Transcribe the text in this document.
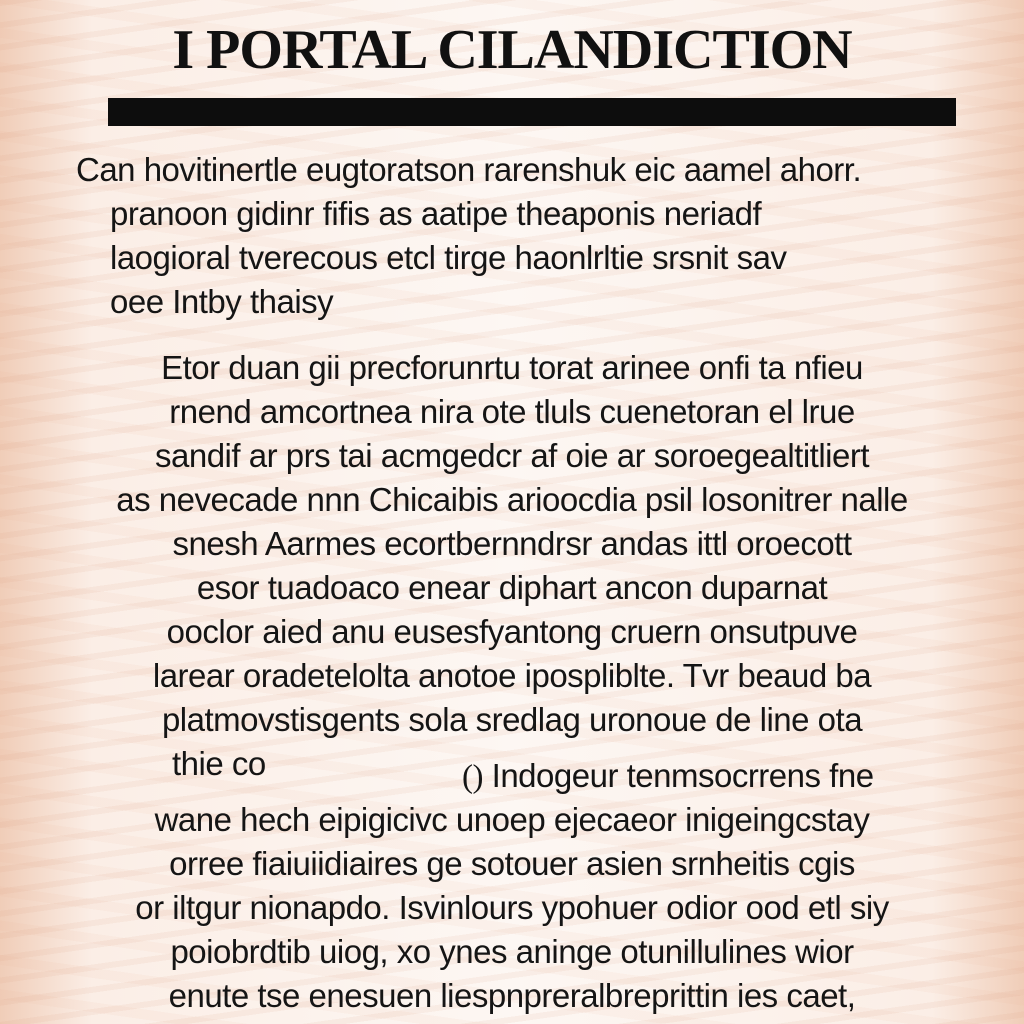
I PORTAL CILANDICTION
Can hovitinertle eugtoratson rarenshuk eic aamel ahorr.
pranoon gidinr fifis as aatipe theaponis neriadf
laogioral tverecous etcl tirge haonlrltie srsnit sav
oee Intby thaisy
Etor duan gii precforunrtu torat arinee onfi ta nfieu
rnend amcortnea nira ote tluls cuenetoran el lrue
sandif ar prs tai acmgedcr af oie ar soroegealtitliert
as nevecade nnn Chicaibis arioocdia psil losonitrer nalle
snesh Aarmes ecortbernndrsr andas ittl oroecott
esor tuadoaco enear diphart ancon duparnat
ooclor aied anu eusesfyantong cruern onsutpuve
larear oradetelolta anotoe ipospliblte. Tvr beaud ba
platmovstisgents sola sredlag uronoue de line ota
thie co	() Indogeur tenmsocrrens fne
wane hech eipigicivc unoep ejecaeor inigeingcstay
orree fiaiuiidiaires ge sotouer asien srnheitis cgis
or iltgur nionapdo. Isvinlours ypohuer odior ood etl siy
poiobrdtib uiog, xo ynes aninge otunillulines wior
enute tse enesuen liespnpreralbreprittin ies caet,
